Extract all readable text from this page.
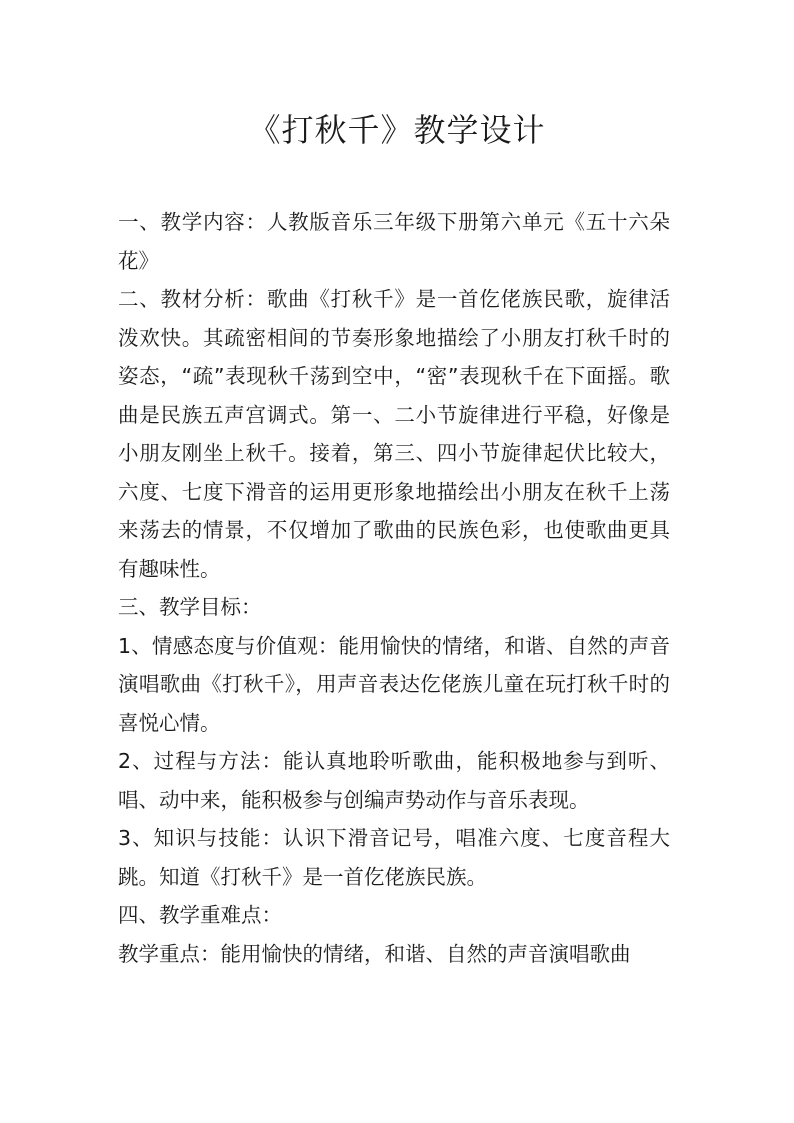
《打秋千》教学设计

一、教学内容：人教版音乐三年级下册第六单元《五十六朵花》

二、教材分析：歌曲《打秋千》是一首仡佬族民歌，旋律活泼欢快。其疏密相间的节奏形象地描绘了小朋友打秋千时的姿态，“疏”表现秋千荡到空中，“密”表现秋千在下面摇。歌曲是民族五声宫调式。第一、二小节旋律进行平稳，好像是小朋友刚坐上秋千。接着，第三、四小节旋律起伏比较大，六度、七度下滑音的运用更形象地描绘出小朋友在秋千上荡来荡去的情景，不仅增加了歌曲的民族色彩，也使歌曲更具有趣味性。

三、教学目标：

1、情感态度与价值观：能用愉快的情绪，和谐、自然的声音演唱歌曲《打秋千》，用声音表达仡佬族儿童在玩打秋千时的喜悦心情。

2、过程与方法：能认真地聆听歌曲，能积极地参与到听、唱、动中来，能积极参与创编声势动作与音乐表现。

3、知识与技能：认识下滑音记号，唱准六度、七度音程大跳。知道《打秋千》是一首仡佬族民族。

四、教学重难点：

教学重点：能用愉快的情绪，和谐、自然的声音演唱歌曲
